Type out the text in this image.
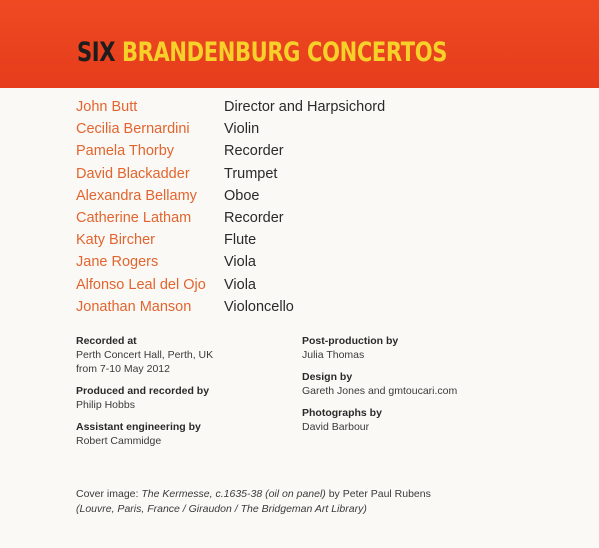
SIX BRANDENBURG CONCERTOS
John Butt	Director and Harpsichord
Cecilia Bernardini	Violin
Pamela Thorby	Recorder
David Blackadder	Trumpet
Alexandra Bellamy	Oboe
Catherine Latham	Recorder
Katy Bircher	Flute
Jane Rogers	Viola
Alfonso Leal del Ojo	Viola
Jonathan Manson	Violoncello
Recorded at
Perth Concert Hall, Perth, UK
from 7-10 May 2012
Produced and recorded by
Philip Hobbs
Assistant engineering by
Robert Cammidge
Post-production by
Julia Thomas
Design by
Gareth Jones and gmtoucari.com
Photographs by
David Barbour
Cover image: The Kermesse, c.1635-38 (oil on panel) by Peter Paul Rubens
(Louvre, Paris, France / Giraudon / The Bridgeman Art Library)
